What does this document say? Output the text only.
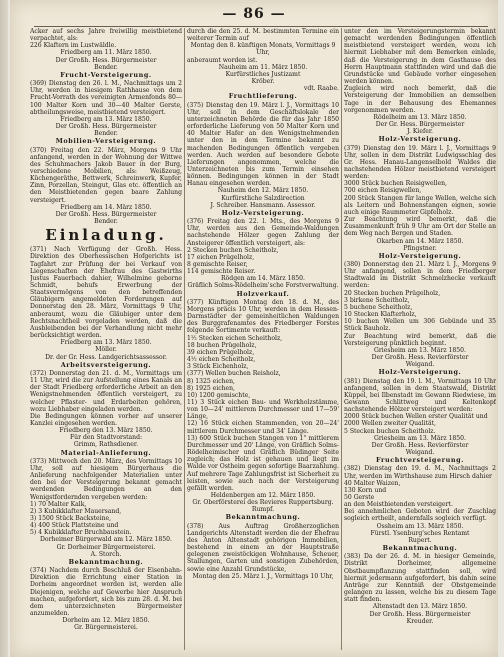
— 86 —

Acker auf sechs Jahre freiwillig meistbietend verpachtet, als:

226 Klaftern im Lustwäldle.

Friedberg am 11. März 1850.

Der Großh. Hess. Bürgermeister

Bender.

Frucht-Versteigerung.

(369) Dienstag den 26. l. M., Nachmittags um 2 Uhr, werden in hiesigem Rathhause von dem Frucht-Vorrath des vereinigten Armenfonds 80—100 Malter Korn und 30—40 Malter Gerste, abtheilungsweise, meistbietend versteigert.

Friedberg am 13. März 1850.

Der Großh. Hess. Bürgermeister

Bender.

Mobilien-Versteigerung.

(370) Freitag den 22. März, Morgens 9 Uhr anfangend, werden in der Wohnung der Wittwe des Schuhmachers Jakob Bauer in der Burg, verschiedene Mobilien, als: Weißzeug, Küchengeräthe, Bettwerk, Schreinwerk, Kupfer, Zinn, Porzellan, Steingut, Glas etc. öffentlich an den Meistbietenden gegen baare Zahlung versteigert.

Friedberg am 14. März 1850.

Der Großh. Hess. Bürgermeister

Bender.

Einladung.

(371) Nach Verfügung der Großh. Hess. Direktion des Oberhessischen Hofgerichts ist Tagfahrt zur Prüfung der bei Verkauf von Liegenschaften der Ehefrau des Gastwirths Justus Fauerbach dahier, Wilhelmine geborne Schmidt, behufs Erwerbung der Staatsvermögens von den betreffenden Gläubigern angemeldeten Forderungen auf Donnerstag den 28. März, Vormittags 9 Uhr, anberaumt, wozu die Gläubiger unter dem Rechtsnachtheil vorgeladen werden, daß die Ausbleibenden bei der Verhandlung nicht mehr berücksichtigt werden.

Friedberg am 13. März 1850.

Möller.

Dr. der Gr. Hess. Landgerichtsassessor.

Arbeitsversteigerung.

(372) Donnerstag den 21. d. M., Vormittags um 11 Uhr, wird die zur Aufstellung eines Kanals an der Stadt Friedberg erforderliche Arbeit an den Wenigstnehmenden öffentlich versteigert, zu welcher Pflaster- und Erdarbeiten gehören, wozu Liebhaber eingeladen werden.

Die Bedingungen können vorher auf unserer Kanzlei eingesehen werden.

Friedberg den 13. März 1850.

Für den Stadtvorstand:

Grimm, Rathsdiener.

Material-Anlieferung.

(373) Mittwoch den 20. März, des Vormittags 10 Uhr, soll auf hiesigem Bürgerhaus die Anlieferung nachfolgender Materialien unter den bei der Versteigerung bekannt gemacht werdenden Bedingungen an den Wenigstfordernden vergeben werden:

1) 70 Malter Kalk,

2) 3 Kubikklafter Mauersand,

3) 1500 Stück Backsteine,

4) 400 Stück Plattsteine und

5) 4 Kubikklafter Bruchbaustein.

Dorheimer Bürgerwald am 12. März 1850.

Gr. Dorheimer Bürgermeisterei.

A. Storch.

Bekanntmachung.

(374) Nachdem durch Beschluß der Eisenbahn-Direktion die Errichtung einer Station in Dorheim angeordnet worden ist, werden alle Diejenigen, welche auf Gewerbe hier Anspruch machen, aufgefordert, sich bis zum 28. d. M. bei dem unterzeichneten Bürgermeister anzumelden.

Dorheim am 12. März 1850.

Gr. Bürgermeisterei.

durch die den 25. d. M. bestimmten Termine ein weiterer Termin auf

Montag den 8. künftigen Monats, Vormittags 9 Uhr,

anberaumt worden ist.

Nauheim am 11. März 1850.

Kurfürstliches Justizamt

Kröber.

vdt. Raabe.

Fruchtlieferung.

(375) Dienstag den 19. März l. J., Vormittags 10 Uhr, soll in dem Geschäftslokale der unterzeichneten Behörde die für das Jahr 1850 erforderliche Lieferung von 50 Malter Korn und 40 Malter Hafer an den Wenigstnehmenden unter den in dem Termine bekannt zu machenden Bedingungen öffentlich vergeben werden. Auch werden auf besondere Gebote Lieferungen angenommen, welche die Unterzeichneten bis zum Termin einsehen können. Bedingungen können in der Stadt Hanau eingesehen werden.

Nauheim den 12. März 1850.

Kurfürstliche Salzdirection

J. Schreiber. Hansmann. Assessor.

Holz-Versteigerung.

(376) Freitag den 22. l. Mts., des Morgens 9 Uhr, werden aus den Gemeinde-Waldungen nachstehende Hölzer gegen Zahlung der Ansteigerer öffentlich versteigert, als:

2 Stecken buchen Scheitholz,

17 eichen Prügelholz,

8 gemischte Reiser,

114 gemischte Reiser.

Rödgen am 14. März 1850.

Gräflich Solms-Rödelheim'sche Forstverwaltung.

Holzverkauf.

(377) Künftigen Montag den 18. d. M., des Morgens präcis 10 Uhr, werden in dem Hessen-Darmstädter der gemeinheitlichen Waldungen des Burggrafenamtes des Friedberger Forstes folgende Sortimente verkauft:

1½ Stecken eichen Scheitholz,

18 buchen Prügelholz,

39 eichen Prügelholz,

4½ eichen Scheitholz,

3 Stück Eichenholz,

(377) Wellen buchen Reisholz,

8) 1325 eichen,

8) 1925 eichen,

10) 1200 gemischte,

11) 3 Stück eichen Bau- und Werkholzstämme, von 10—24' mittlerem Durchmesser und 17—59' Länge,

12) 16 Stück eichen Stammenden, von 20—24' mittlerem Durchmesser und 34' Länge.

13) 600 Stück buchen Stangen von 1" mittlerem Durchmesser und 20' Länge, von Gräflich Solms-Rödelheimischer und Gräflich Büdinger Seite zugleich; das Holz ist gehauen und liegt im Walde vor Ostheim gegen sofortige Baarzahlung. Auf mehrere Tage Zahlungsfrist ist Sicherheit zu leisten, sowie auch nach der Versteigerung gefällt werden.

Heldenbergen am 12. März 1850.

Gr. Oberförsterei des Revieres Ruppertsburg.

Rumpf.

Bekanntmachung.

(378) Aus Auftrag Großherzoglichen Landgerichts Altenstadt werden die der Ehefrau des Anton Altenstadt gehörigen Immobilien, bestehend in einem an der Hauptstraße gelegenen zweistöckigen Wohnhause, Scheuer, Stallungen, Garten und sonstigen Zubehörden, sowie eine Anzahl Grundstücke,

Montag den 25. März l. J., Vormittags 10 Uhr,

unter den im Versteigerungstermin bekannt gemacht werdenden Bedingungen öffentlich meistbietend versteigert werden, wozu ich hiermit Liebhaber mit dem Bemerken einlade, daß die Versteigerung in dem Gasthause des Herrn Hauptmann stattfinden wird und daß die Grundstücke und Gebäude vorher eingesehen werden können.

Zugleich wird noch bemerkt, daß die Versteigerung der Immobilien an demselben Tage in der Behausung des Ehemannes vorgenommen werden.

Rödelheim am 13. März 1850.

Der Gr. Hess. Bürgermeister

J. Kiefer.

Holz-Versteigerung.

(379) Dienstag den 19. März l. J., Vormittags 9 Uhr, sollen in dem Distrikt Ludwigsschlag des Gr. Hess. Hanau-Langenselbold Waldes die nachstehenden Hölzer meistbietend versteigert werden:

3000 Stück buchen Reisigwellen,

700 eichen Reisigwellen,

200 Stück Stangen für lange Wellen, welche sich als Leitern und Bohnenstangen eignen, sowie auch einige Raummeter Gipfelholz.

Zur Beachtung wird bemerkt, daß die Zusammenkunft früh 9 Uhr am Ort der Stelle an dem Weg nach Bergen und Staden.

Okarben am 14. März 1850.

Pfingstner.

Holz-Versteigerung.

(380) Donnerstag den 21. März l. J., Morgens 9 Uhr anfangend, sollen in dem Friedberger Stadtwald im Distrikt Schmelzhecke verkauft werden:

20 Stecken buchen Prügelholz,

3 birkene Scheitholz,

5 buchene Scheitholz,

10 Stecken Klafterholz,

10 buchen Wellen um 306 Gebünde und 35 Stück Bauholz.

Zur Beachtung wird bemerkt, daß die Versteigerung pünktlich beginnt.

Griesheim am 13. März 1850.

Der Großh. Hess. Revierförster

Weigand.

Holz-Versteigerung.

(381) Dienstag den 19. l. M., Vormittags 10 Uhr anfangend, sollen in dem Staatswald, Distrikt Küppel, bei Ilbenstadt im Gewann Riedwiese, im Gewann Schlittweg und Keltenkopf nachstehende Hölzer versteigert werden:

2000 Stück buchen Wellen erster Qualität und

2000 Wellen zweiter Qualität,

5 Stecken buchen Scheitholz.

Griesheim am 13. März 1850.

Der Großh. Hess. Revierförster

Weigand.

Fruchtversteigerung.

(382) Dienstag den 19. d. M., Nachmittags 2 Uhr, werden im Wirthshause zum Hirsch dahier

40 Malter Waizen,

130 Korn und

50 Gerste

an den Meistbietenden versteigert.

Bei annehmlichen Geboten wird der Zuschlag sogleich ertheilt, andernfalls sogleich verfügt.

Ossheim am 13. März 1850.

Fürstl. Ysenburg'sches Rentamt

Rupert.

Bekanntmachung.

(383) Da der 26. d. M. in hiesiger Gemeinde, Distrikt Dorheimer, allgemeine Obstbaumpflanzung stattfinden soll, wird hiermit jedermann aufgefordert, bis dahin seine Anträge zur Kenntniß der Obstgemeinde gelangen zu lassen, welche bis zu diesem Tage statt finden.

Altenstadt den 13. März 1850.

Der Großh. Hess. Bürgermeister

Kreuder.
